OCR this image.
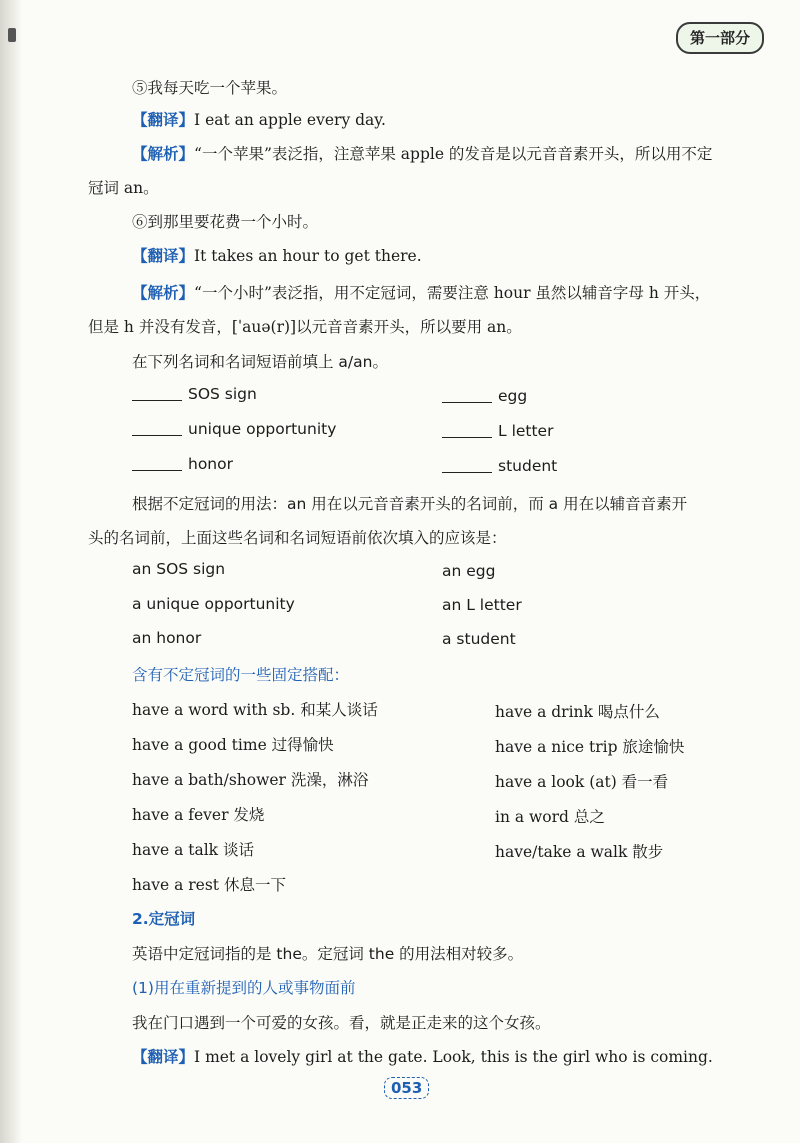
第一部分
⑤我每天吃一个苹果。
【翻译】I eat an apple every day.
【解析】“一个苹果”表泛指，注意苹果 apple 的发音是以元音音素开头，所以用不定
冠词 an。
⑥到那里要花费一个小时。
【翻译】It takes an hour to get there.
【解析】“一个小时”表泛指，用不定冠词，需要注意 hour 虽然以辅音字母 h 开头，
但是 h 并没有发音，[ˈauə(r)]以元音音素开头，所以要用 an。
在下列名词和名词短语前填上 a/an。
SOS sign	egg
unique opportunity	L letter
honor	student
根据不定冠词的用法：an 用在以元音音素开头的名词前，而 a 用在以辅音音素开
头的名词前，上面这些名词和名词短语前依次填入的应该是：
an SOS sign	an egg
a unique opportunity	an L letter
an honor	a student
含有不定冠词的一些固定搭配：
have a word with sb. 和某人谈话	have a drink 喝点什么
have a good time 过得愉快	have a nice trip 旅途愉快
have a bath/shower 洗澡，淋浴	have a look (at) 看一看
have a fever 发烧	in a word 总之
have a talk 谈话	have/take a walk 散步
have a rest 休息一下
2.定冠词
英语中定冠词指的是 the。定冠词 the 的用法相对较多。
(1)用在重新提到的人或事物面前
我在门口遇到一个可爱的女孩。看，就是正走来的这个女孩。
【翻译】I met a lovely girl at the gate. Look, this is the girl who is coming.
053
